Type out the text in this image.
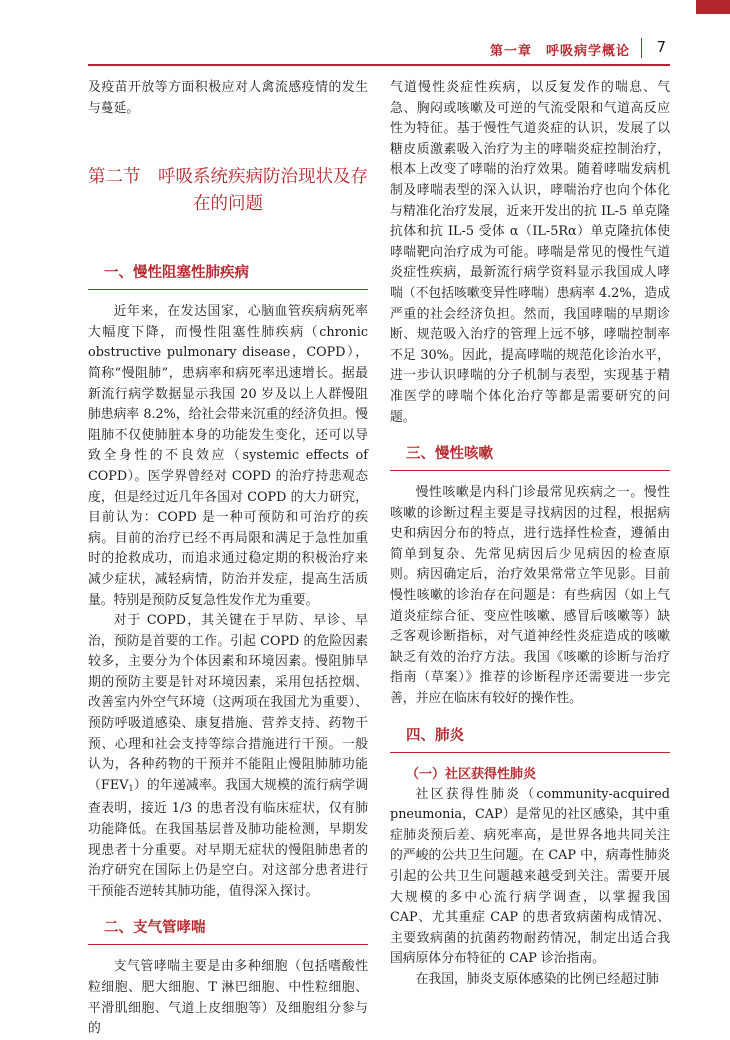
第一章　呼吸病学概论 7

及疫苗开放等方面积极应对人禽流感疫情的发生与蔓延。

第二节　呼吸系统疾病防治现状及存在的问题
一、慢性阻塞性肺疾病

近年来，在发达国家，心脑血管疾病病死率大幅度下降，而慢性阻塞性肺疾病（chronic obstructive pulmonary disease，COPD），简称“慢阻肺”，患病率和病死率迅速增长。据最新流行病学数据显示我国 20 岁及以上人群慢阻肺患病率 8.2%，给社会带来沉重的经济负担。慢阻肺不仅使肺脏本身的功能发生变化，还可以导致全身性的不良效应（systemic effects of COPD）。医学界曾经对 COPD 的治疗持悲观态度，但是经过近几年各国对 COPD 的大力研究，目前认为：COPD 是一种可预防和可治疗的疾病。目前的治疗已经不再局限和满足于急性加重时的抢救成功，而追求通过稳定期的积极治疗来减少症状，减轻病情，防治并发症，提高生活质量。特别是预防反复急性发作尤为重要。

对于 COPD，其关键在于早防、早诊、早治，预防是首要的工作。引起 COPD 的危险因素较多，主要分为个体因素和环境因素。慢阻肺早期的预防主要是针对环境因素，采用包括控烟、改善室内外空气环境（这两项在我国尤为重要）、预防呼吸道感染、康复措施、营养支持、药物干预、心理和社会支持等综合措施进行干预。一般认为，各种药物的干预并不能阻止慢阻肺肺功能$(FEV_1)$的年递减率。我国大规模的流行病学调查表明，接近 1/3 的患者没有临床症状，仅有肺功能降低。在我国基层普及肺功能检测，早期发现患者十分重要。对早期无症状的慢阻肺患者的治疗研究在国际上仍是空白。对这部分患者进行干预能否逆转其肺功能，值得深入探讨。

二、支气管哮喘

支气管哮喘主要是由多种细胞（包括嗜酸性粒细胞、肥大细胞、T 淋巴细胞、中性粒细胞、平滑肌细胞、气道上皮细胞等）及细胞组分参与的

气道慢性炎症性疾病，以反复发作的喘息、气急、胸闷或咳嗽及可逆的气流受限和气道高反应性为特征。基于慢性气道炎症的认识，发展了以糖皮质激素吸入治疗为主的哮喘炎症控制治疗，根本上改变了哮喘的治疗效果。随着哮喘发病机制及哮喘表型的深入认识，哮喘治疗也向个体化与精准化治疗发展，近来开发出的抗 IL-5 单克隆抗体和抗 IL-5 受体 α（IL-5Rα）单克隆抗体使哮喘靶向治疗成为可能。哮喘是常见的慢性气道炎症性疾病，最新流行病学资料显示我国成人哮喘（不包括咳嗽变异性哮喘）患病率 4.2%，造成严重的社会经济负担。然而，我国哮喘的早期诊断、规范吸入治疗的管理上远不够，哮喘控制率不足 30%。因此，提高哮喘的规范化诊治水平，进一步认识哮喘的分子机制与表型，实现基于精准医学的哮喘个体化治疗等都是需要研究的问题。

三、慢性咳嗽

慢性咳嗽是内科门诊最常见疾病之一。慢性咳嗽的诊断过程主要是寻找病因的过程，根据病史和病因分布的特点，进行选择性检查，遵循由简单到复杂、先常见病因后少见病因的检查原则。病因确定后，治疗效果常常立竿见影。目前慢性咳嗽的诊治存在问题是：有些病因（如上气道炎症综合征、变应性咳嗽、感冒后咳嗽等）缺乏客观诊断指标，对气道神经性炎症造成的咳嗽缺乏有效的治疗方法。我国《咳嗽的诊断与治疗指南（草案）》推荐的诊断程序还需要进一步完善，并应在临床有较好的操作性。

四、肺炎
（一）社区获得性肺炎

社区获得性肺炎（community-acquired pneumonia，CAP）是常见的社区感染，其中重症肺炎预后差、病死率高，是世界各地共同关注的严峻的公共卫生问题。在 CAP 中，病毒性肺炎引起的公共卫生问题越来越受到关注。需要开展大规模的多中心流行病学调查，以掌握我国 CAP、尤其重症 CAP 的患者致病菌构成情况、主要致病菌的抗菌药物耐药情况，制定出适合我国病原体分布特征的 CAP 诊治指南。

在我国，肺炎支原体感染的比例已经超过肺
